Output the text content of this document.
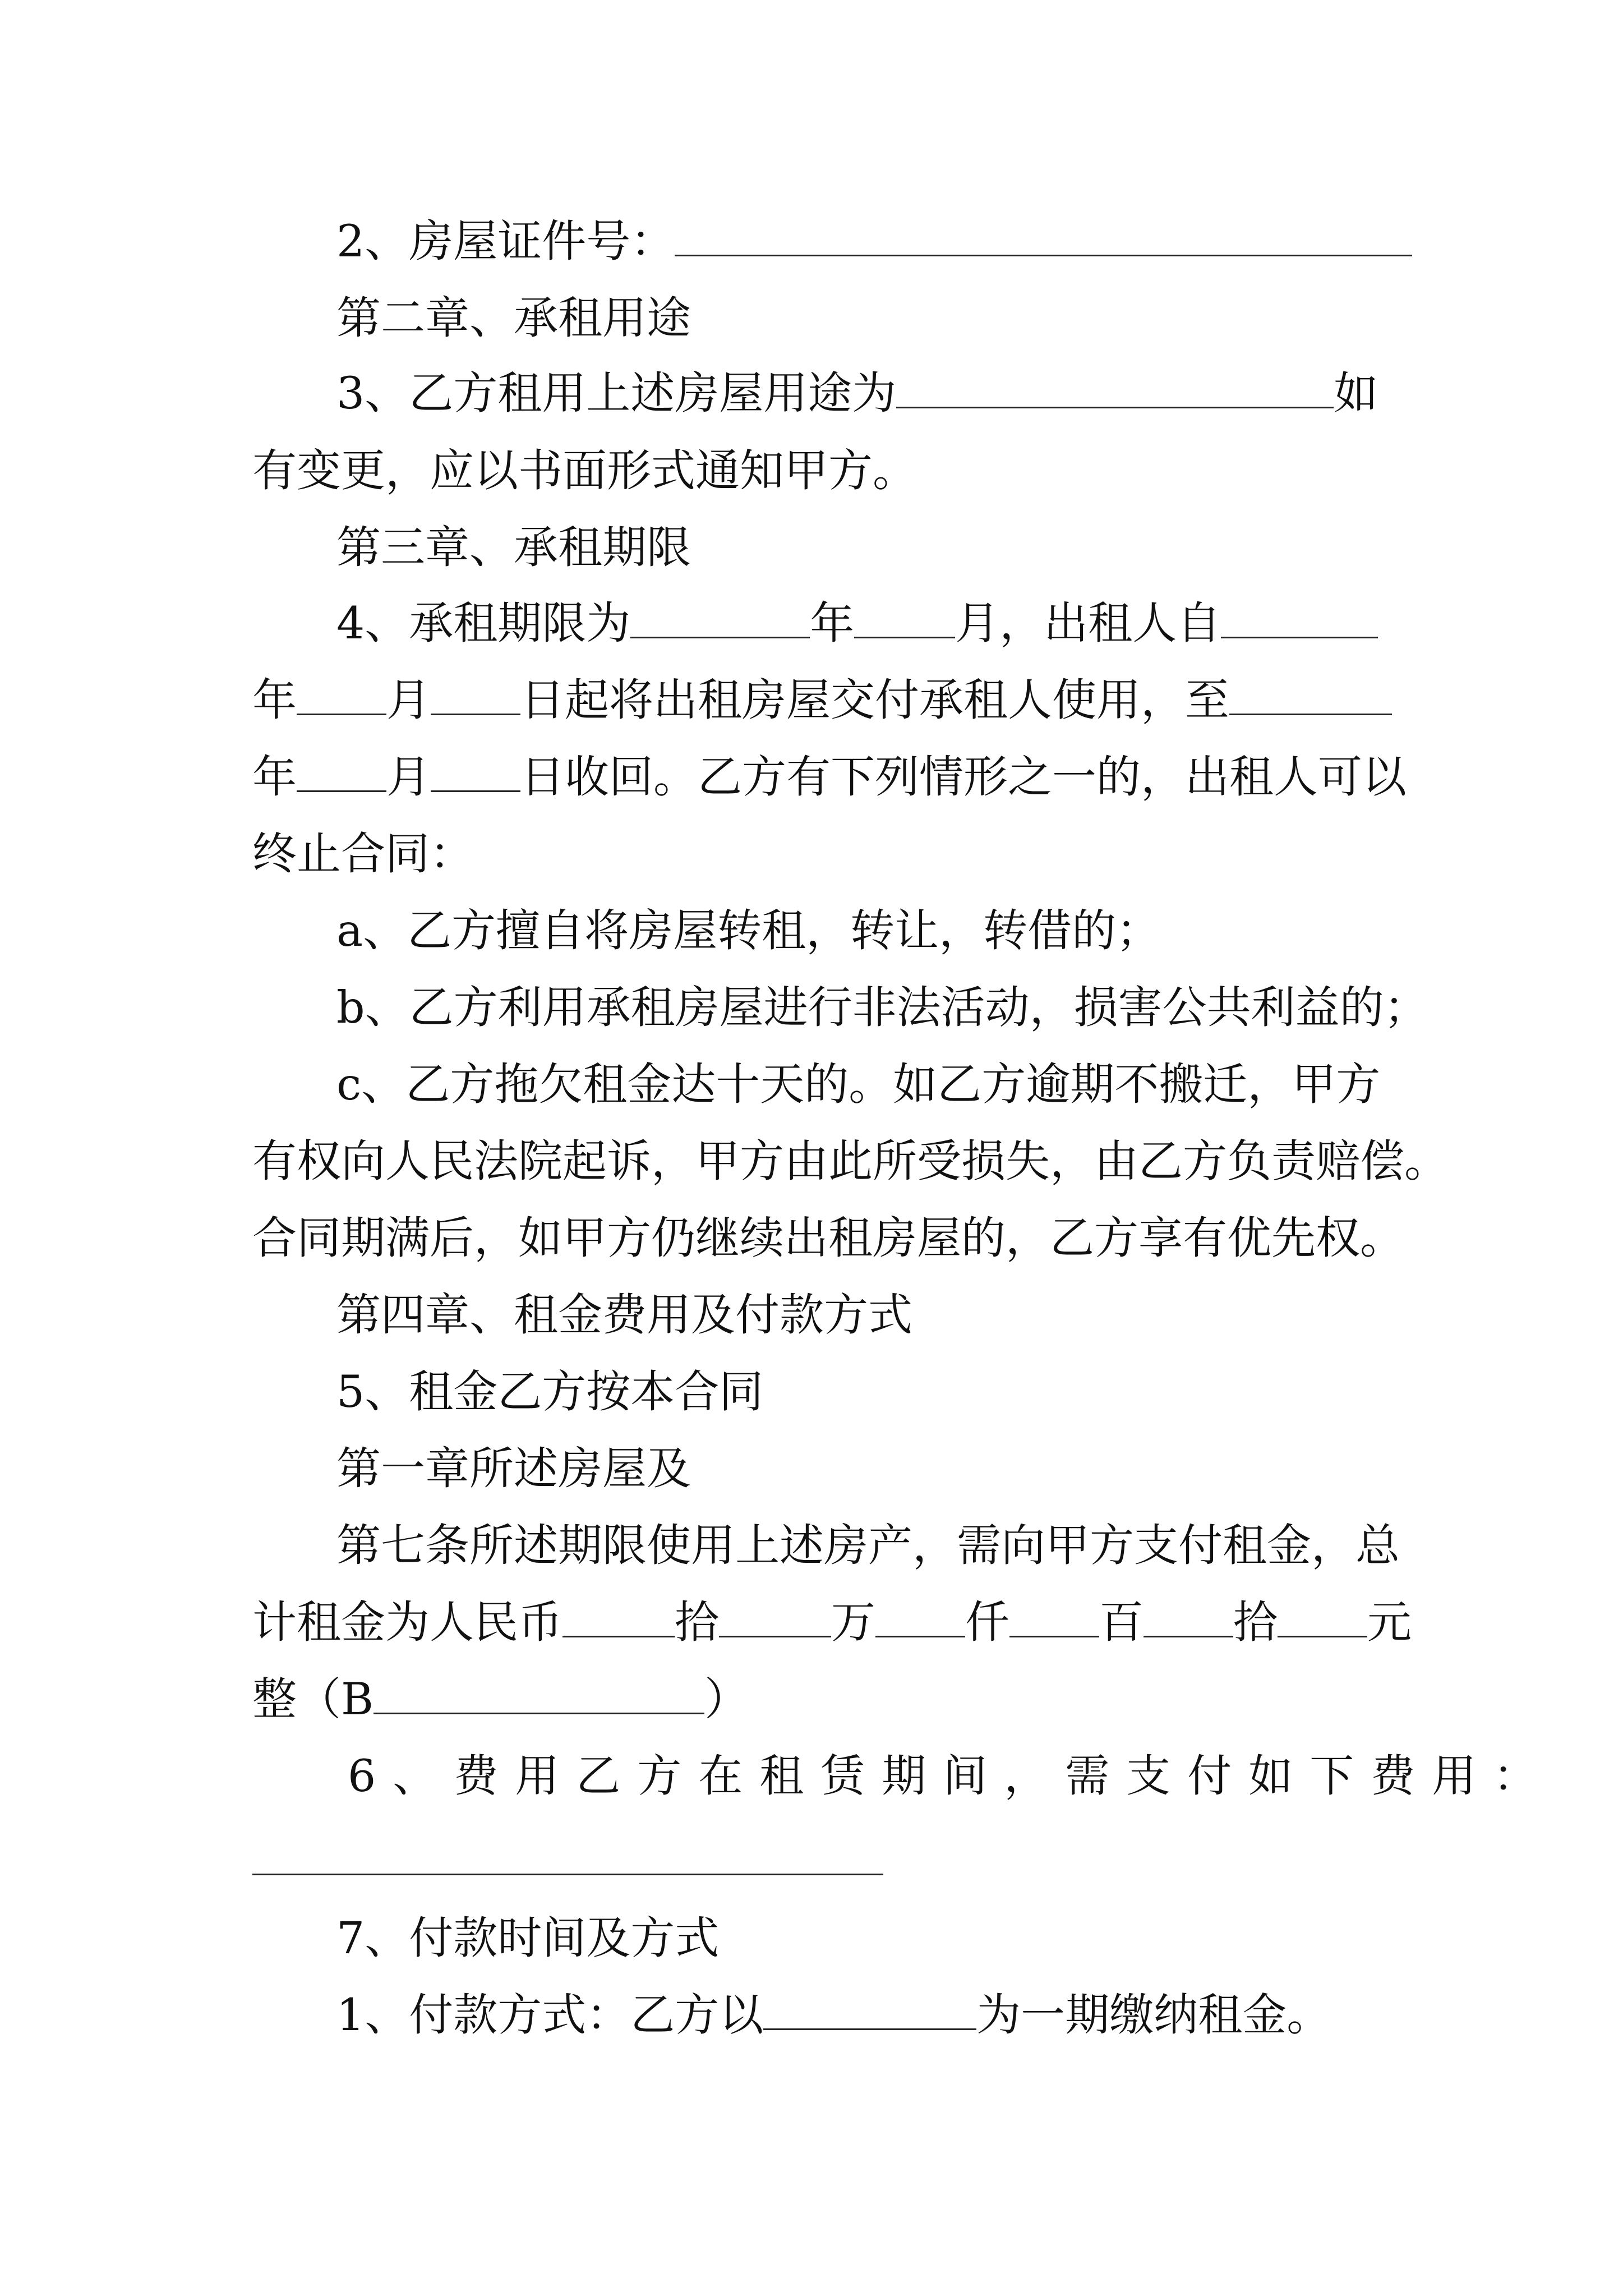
2、房屋证件号：
第二章、承租用途
3、乙方租用上述房屋用途为	如
有变更，应以书面形式通知甲方。
第三章、承租期限
4、承租期限为	年 月，出租人自
年 月 日起将出租房屋交付承租人使用，至
年 月 日收回。乙方有下列情形之一的，出租人可以
终止合同：
a、乙方擅自将房屋转租，转让，转借的；
b、乙方利用承租房屋进行非法活动，损害公共利益的；
c、乙方拖欠租金达十天的。如乙方逾期不搬迁，甲方
有权向人民法院起诉，甲方由此所受损失，由乙方负责赔偿。
合同期满后，如甲方仍继续出租房屋的，乙方享有优先权。
第四章、租金费用及付款方式
5、租金乙方按本合同
第一章所述房屋及
第七条所述期限使用上述房产，需向甲方支付租金，总
计租金为人民币	拾	万 仟 百 拾 元
整（B	）
6、费用乙方在租赁期间，需支付如下费用：
7、付款时间及方式
1、付款方式：乙方以	为一期缴纳租金。
